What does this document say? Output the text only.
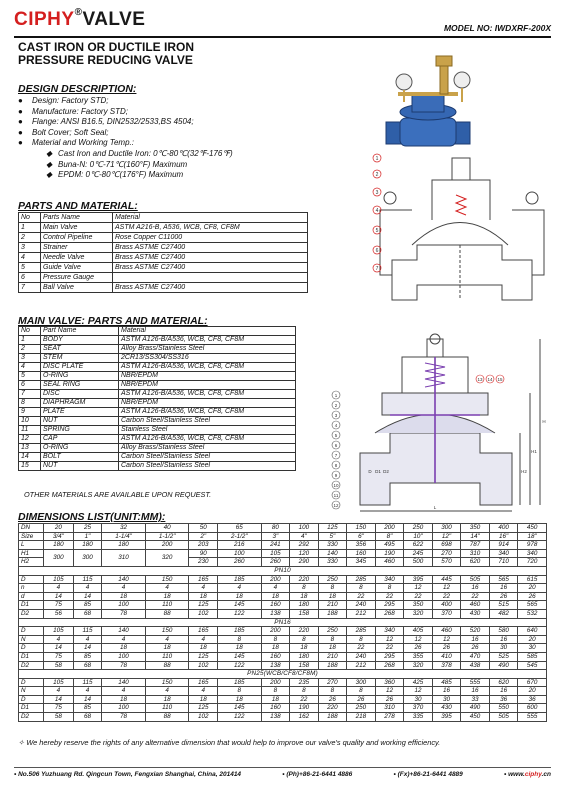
CIPHY®VALVE	MODEL NO: IWDXRF-200X
CAST IRON OR DUCTILE IRON
PRESSURE REDUCING VALVE
DESIGN DESCRIPTION:
● Design: Factory STD;
● Manufacture: Factory STD;
● Flange: ANSI B16.5, DIN2532/2533,BS 4504;
● Bolt Cover; Soft Seal;
● Material and Working Temp.:
◆ Cast Iron and Ductile Iron: 0℃-80℃(32℉-176℉)
◆ Buna-N: 0℃-71℃(160°F) Maximum
◆ EPDM: 0℃-80℃(176°F) Maximum
PARTS AND MATERIAL:
No	Parts Name	Material
1	Main Valve	ASTM A216-B, A536, WCB, CF8, CF8M
2	Control Pipeline	Rose Copper C11000
3	Strainer	Brass ASTME C27400
4	Needle Valve	Brass ASTME C27400
5	Guide Valve	Brass ASTME C27400
6	Pressure Gauge	
7	Ball Valve	Brass ASTME C27400
MAIN VALVE: PARTS AND MATERIAL:
No	Part Name	Material
1	BODY	ASTM A126-B/A536, WCB, CF8, CF8M
2	SEAT	Alloy Brass/Stainless Steel
3	STEM	2CR13/SS304/SS316
4	DISC PLATE	ASTM A126-B/A536, WCB, CF8, CF8M
5	O-RING	NBR/EPDM
6	SEAL RING	NBR/EPDM
7	DISC	ASTM A126-B/A536, WCB, CF8, CF8M
8	DIAPHRAGM	NBR/EPDM
9	PLATE	ASTM A126-B/A536, WCB, CF8, CF8M
10	NUT	Carbon Steel/Stainless Steel
11	SPRING	Stainless Steel
12	CAP	ASTM A126-B/A536, WCB, CF8, CF8M
13	O-RING	Alloy Brass/Stainless Steel
14	BOLT	Carbon Steel/Stainless Steel
15	NUT	Carbon Steel/Stainless Steel
OTHER MATERIALS ARE AVAILABLE UPON REQUEST.
1
2
3
4
5
6
7
1
2
3
4
5
6
7
8
9
10
11
12
13 14 15
H
H1
H2
L
D D1 D2
DIMENSIONS LIST(UNIT:MM):
DN	20	25	32	40	50	65	80	100	125	150	200	250	300	350	400	450
Size	3/4"	1"	1-1/4"	1-1/2"	2"	2-1/2"	3"	4"	5"	6"	8"	10"	12"	14"	16"	18"
L	180	180	180	200	203	216	241	292	330	356	495	622	698	787	914	978
H1	300	300	310	320	90	100	105	120	140	160	190	245	270	310	340	340
H2					230	260	260	290	330	345	460	500	570	620	710	720
PN10																
D	105	115	140	150	165	185	200	220	250	285	340	395	445	505	565	615
n	4	4	4	4	4	4	4	8	8	8	8	12	12	16	16	20
d	14	14	18	18	18	18	18	18	18	22	22	22	22	22	26	26
D1	75	85	100	110	125	145	160	180	210	240	295	350	400	460	515	565
D2	56	68	78	88	102	122	138	158	188	212	268	320	370	430	482	532
PN16																
D	105	115	140	150	165	185	200	220	250	285	340	405	460	520	580	640
N	4	4	4	4	4	8	8	8	8	8	12	12	12	16	16	20
D	14	14	18	18	18	18	18	18	18	22	22	26	26	26	30	30
D1	75	85	100	110	125	145	160	180	210	240	295	355	410	470	525	585
D2	58	68	78	88	102	122	138	158	188	212	268	320	378	438	490	545
PN25(WCB/CF8/CF8M)																
D	105	115	140	150	165	185	200	235	270	300	360	425	485	555	620	670
N	4	4	4	4	4	8	8	8	8	8	12	12	16	16	16	20
D	14	14	18	18	18	18	18	22	26	26	26	30	30	33	36	36
D1	75	85	100	110	125	145	160	190	220	250	310	370	430	490	550	600
D2	58	68	78	88	102	122	138	162	188	218	278	335	395	450	505	555
✧ We hereby reserve the rights of any alternative dimension that would help to improve our valve's quality and working efficiency.
• No.506 Yuzhuang Rd. Qingcun Town, Fengxian Shanghai, China, 201414	• (Ph)+86-21-6441 4886	• (Fx)+86-21-6441 4889	• www.ciphy.cn
